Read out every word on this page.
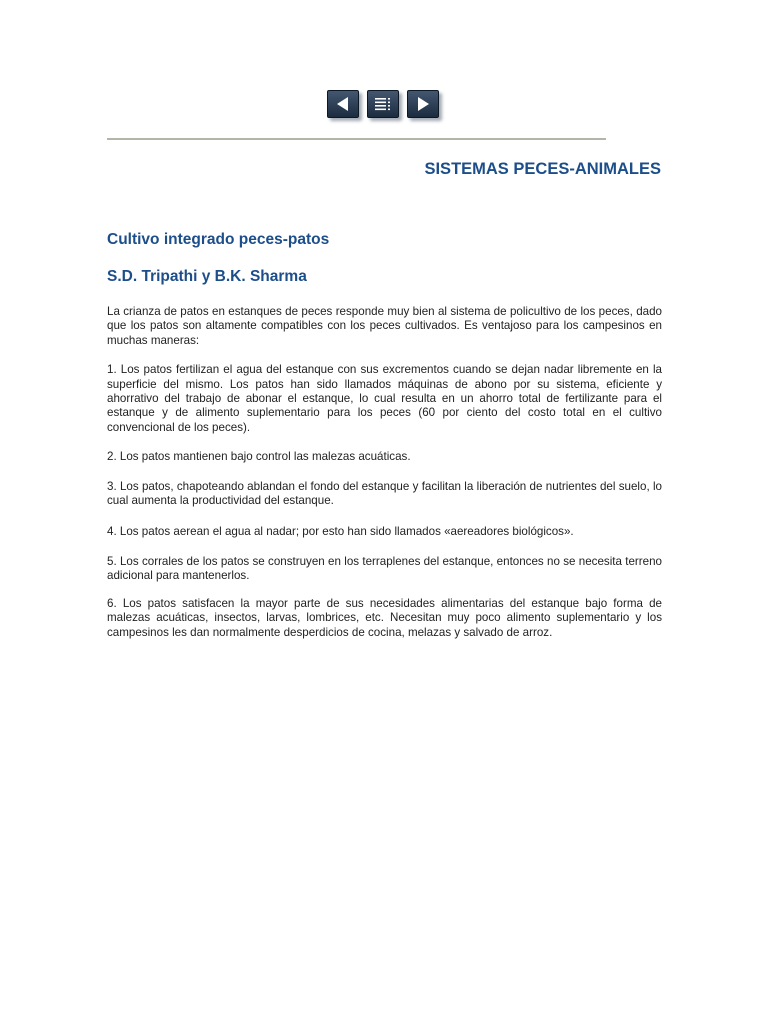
SISTEMAS PECES-ANIMALES
Cultivo integrado peces-patos
S.D. Tripathi y B.K. Sharma

La crianza de patos en estanques de peces responde muy bien al sistema de policultivo de los peces, dado que los patos son altamente compatibles con los peces cultivados. Es ventajoso para los campesinos en muchas maneras:

1. Los patos fertilizan el agua del estanque con sus excrementos cuando se dejan nadar libremente en la superficie del mismo. Los patos han sido llamados máquinas de abono por su sistema, eficiente y ahorrativo del trabajo de abonar el estanque, lo cual resulta en un ahorro total de fertilizante para el estanque y de alimento suplementario para los peces (60 por ciento del costo total en el cultivo convencional de los peces).

2. Los patos mantienen bajo control las malezas acuáticas.

3. Los patos, chapoteando ablandan el fondo del estanque y facilitan la liberación de nutrientes del suelo, lo cual aumenta la productividad del estanque.

4. Los patos aerean el agua al nadar; por esto han sido llamados «aereadores biológicos».

5. Los corrales de los patos se construyen en los terraplenes del estanque, entonces no se necesita terreno adicional para mantenerlos.

6. Los patos satisfacen la mayor parte de sus necesidades alimentarias del estanque bajo forma de malezas acuáticas, insectos, larvas, lombrices, etc. Necesitan muy poco alimento suplementario y los campesinos les dan normalmente desperdicios de cocina, melazas y salvado de arroz.
